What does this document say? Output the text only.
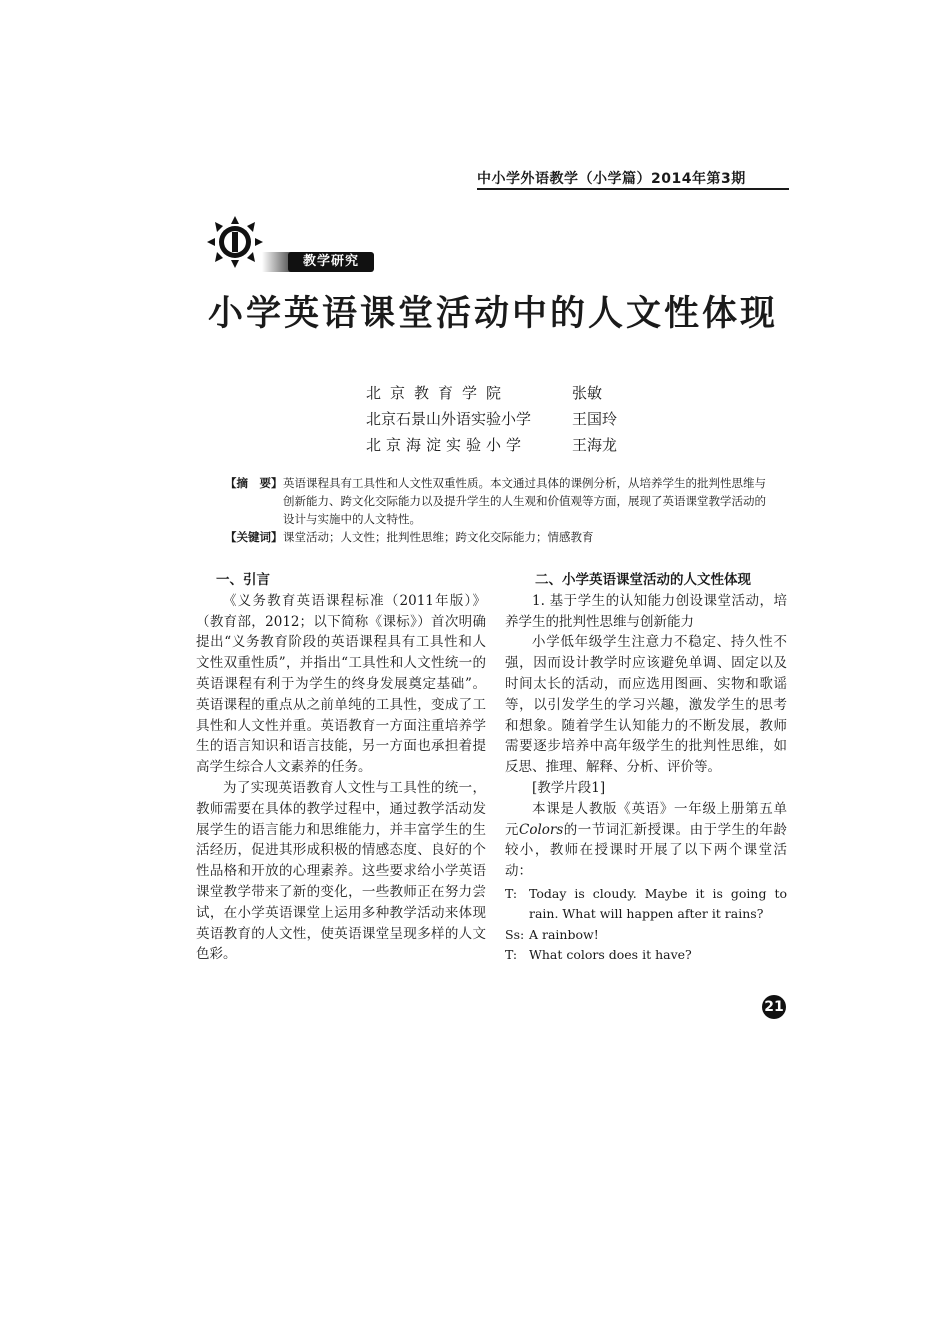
中小学外语教学（小学篇）2014年第3期
教学研究
小学英语课堂活动中的人文性体现
北京教育学院	张敏
北京石景山外语实验小学	王国玲
北京海淀实验小学	王海龙
【摘　要】 英语课程具有工具性和人文性双重性质。本文通过具体的课例分析，从培养学生的批判性思维与创新能力、跨文化交际能力以及提升学生的人生观和价值观等方面，展现了英语课堂教学活动的设计与实施中的人文特性。
【关键词】 课堂活动；人文性；批判性思维；跨文化交际能力；情感教育

一、引言

《义务教育英语课程标准（2011年版）》（教育部，2012；以下简称《课标》）首次明确提出“义务教育阶段的英语课程具有工具性和人文性双重性质”，并指出“工具性和人文性统一的英语课程有利于为学生的终身发展奠定基础”。英语课程的重点从之前单纯的工具性，变成了工具性和人文性并重。英语教育一方面注重培养学生的语言知识和语言技能，另一方面也承担着提高学生综合人文素养的任务。

为了实现英语教育人文性与工具性的统一，教师需要在具体的教学过程中，通过教学活动发展学生的语言能力和思维能力，并丰富学生的生活经历，促进其形成积极的情感态度、良好的个性品格和开放的心理素养。这些要求给小学英语课堂教学带来了新的变化，一些教师正在努力尝试，在小学英语课堂上运用多种教学活动来体现英语教育的人文性，使英语课堂呈现多样的人文色彩。

二、小学英语课堂活动的人文性体现

1. 基于学生的认知能力创设课堂活动，培养学生的批判性思维与创新能力

小学低年级学生注意力不稳定、持久性不强，因而设计教学时应该避免单调、固定以及时间太长的活动，而应选用图画、实物和歌谣等，以引发学生的学习兴趣，激发学生的思考和想象。随着学生认知能力的不断发展，教师需要逐步培养中高年级学生的批判性思维，如反思、推理、解释、分析、评价等。

[教学片段1]

本课是人教版《英语》一年级上册第五单元Colors的一节词汇新授课。由于学生的年龄较小，教师在授课时开展了以下两个课堂活动：

T: Today is cloudy. Maybe it is going to rain. What will happen after it rains?
Ss: A rainbow!
T: What colors does it have?
21
